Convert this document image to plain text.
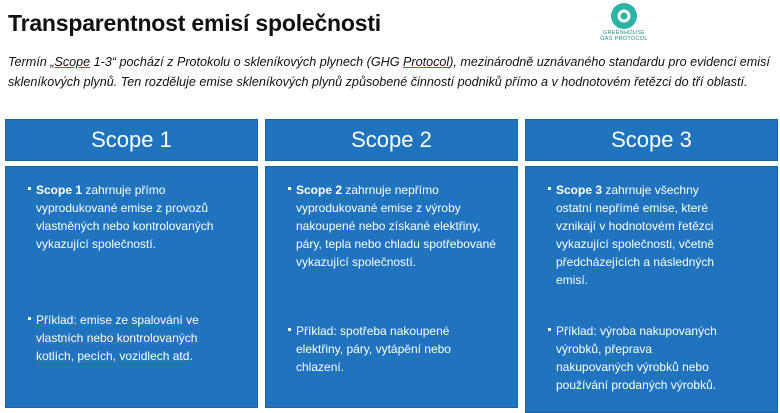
Transparentnost emisí společnosti	GREENHOUSE
GAS PROTOCOL
Termín „Scope 1-3“ pochází z Protokolu o skleníkových plynech (GHG Protocol), mezinárodně uznávaného standardu pro evidenci emisí skleníkových plynů. Ten rozděluje emise skleníkových plynů způsobené činností podniků přímo a v hodnotovém řetězci do tří oblastí.
Scope 1
Scope 1 zahrnuje přímo vyprodukované emise z provozů vlastněných nebo kontrolovaných vykazující společností.
Příklad: emise ze spalování ve vlastních nebo kontrolovaných kotlích, pecích, vozidlech atd.
Scope 2
Scope 2 zahrnuje nepřímo vyprodukované emise z výroby nakoupené nebo získané elektřiny, páry, tepla nebo chladu spotřebované vykazující společností.
Příklad: spotřeba nakoupené elektřiny, páry, vytápění nebo chlazení.
Scope 3
Scope 3 zahrnuje všechny ostatní nepřímé emise, které vznikají v hodnotovém řetězci vykazující společnosti, včetně předcházejících a následných emisí.
Příklad: výroba nakupovaných výrobků, přeprava nakupovaných výrobků nebo používání prodaných výrobků.
